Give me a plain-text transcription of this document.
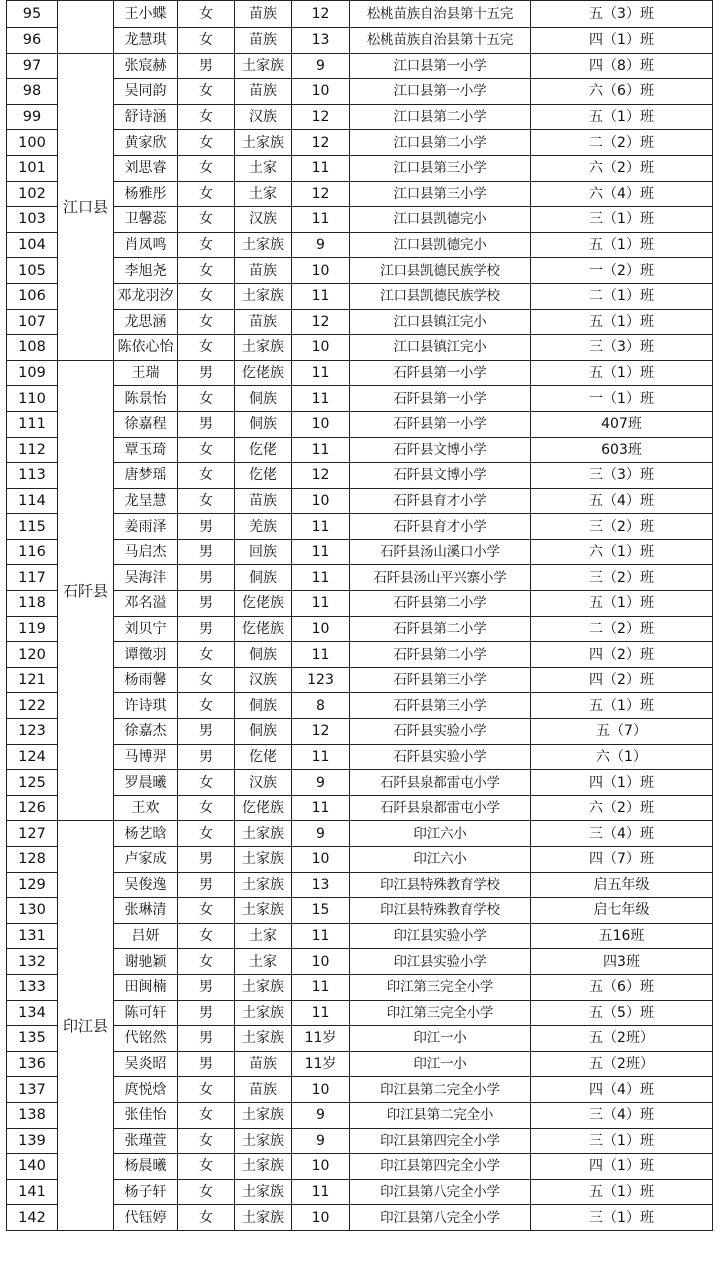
95		王小蝶	女	苗族	12	松桃苗族自治县第十五完	五（3）班
96		龙慧琪	女	苗族	13	松桃苗族自治县第十五完	四（1）班
97	江口县	张宸赫	男	土家族	9	江口县第一小学	四（8）班
98		吴同韵	女	苗族	10	江口县第一小学	六（6）班
99		舒诗涵	女	汉族	12	江口县第二小学	五（1）班
100		黄家欣	女	土家族	12	江口县第二小学	二（2）班
101		刘思睿	女	土家	11	江口县第三小学	六（2）班
102		杨雅彤	女	土家	12	江口县第三小学	六（4）班
103		卫馨蕊	女	汉族	11	江口县凯德完小	三（1）班
104		肖凤鸣	女	土家族	9	江口县凯德完小	五（1）班
105		李旭尧	女	苗族	10	江口县凯德民族学校	一（2）班
106		邓龙羽汐	女	土家族	11	江口县凯德民族学校	二（1）班
107		龙思涵	女	苗族	12	江口县镇江完小	五（1）班
108		陈依心怡	女	土家族	10	江口县镇江完小	三（3）班
109	石阡县	王瑞	男	仡佬族	11	石阡县第一小学	五（1）班
110		陈景怡	女	侗族	11	石阡县第一小学	一（1）班
111		徐嘉程	男	侗族	10	石阡县第一小学	407班
112		覃玉琦	女	仡佬	11	石阡县文博小学	603班
113		唐梦瑶	女	仡佬	12	石阡县文博小学	三（3）班
114		龙呈慧	女	苗族	10	石阡县育才小学	五（4）班
115		姜雨泽	男	羌族	11	石阡县育才小学	三（2）班
116		马启杰	男	回族	11	石阡县汤山溪口小学	六（1）班
117		吴海沣	男	侗族	11	石阡县汤山平兴寨小学	三（2）班
118		邓名溢	男	仡佬族	11	石阡县第二小学	五（1）班
119		刘贝宁	男	仡佬族	10	石阡县第二小学	二（2）班
120		谭徵羽	女	侗族	11	石阡县第二小学	四（2）班
121		杨雨馨	女	汉族	123	石阡县第三小学	四（2）班
122		许诗琪	女	侗族	8	石阡县第三小学	五（1）班
123		徐嘉杰	男	侗族	12	石阡县实验小学	五（7）
124		马博羿	男	仡佬	11	石阡县实验小学	六（1）
125		罗晨曦	女	汉族	9	石阡县泉都雷屯小学	四（1）班
126		王欢	女	仡佬族	11	石阡县泉都雷屯小学	六（2）班
127	印江县	杨艺晗	女	土家族	9	印江六小	三（4）班
128		卢家成	男	土家族	10	印江六小	四（7）班
129		吴俊逸	男	土家族	13	印江县特殊教育学校	启五年级
130		张琳清	女	土家族	15	印江县特殊教育学校	启七年级
131		吕妍	女	土家	11	印江县实验小学	五16班
132		谢驰颖	女	土家	10	印江县实验小学	四3班
133		田闽楠	男	土家族	11	印江第三完全小学	五（6）班
134		陈可轩	男	土家族	11	印江第三完全小学	五（5）班
135		代铭然	男	土家族	11岁	印江一小	五（2班）
136		吴炎昭	男	苗族	11岁	印江一小	五（2班）
137		庹悦焓	女	苗族	10	印江县第二完全小学	四（4）班
138		张佳怡	女	土家族	9	印江县第二完全小	三（4）班
139		张瑾萱	女	土家族	9	印江县第四完全小学	三（1）班
140		杨晨曦	女	土家族	10	印江县第四完全小学	四（1）班
141		杨子轩	女	土家族	11	印江县第八完全小学	五（1）班
142		代钰婷	女	土家族	10	印江县第八完全小学	三（1）班
